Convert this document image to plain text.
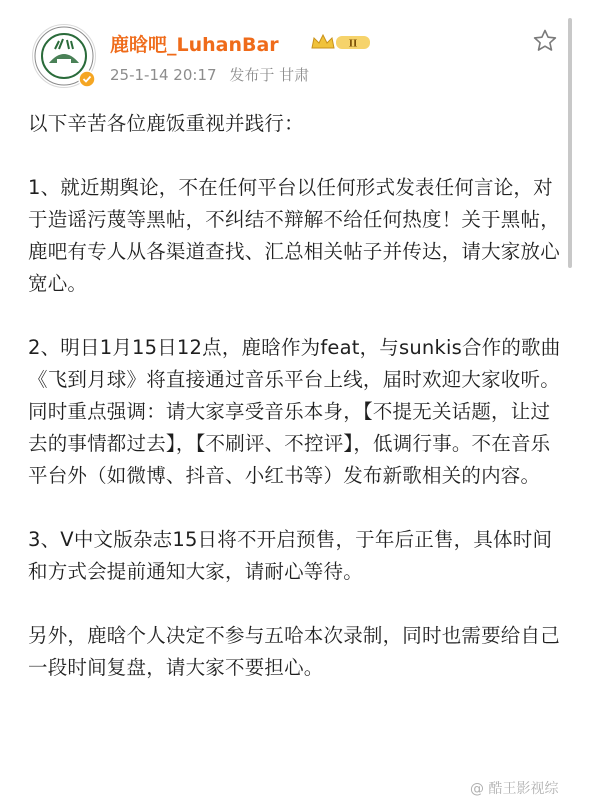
鹿晗吧_LuhanBar	II
25-1-14 20:17 发布于 甘肃

以下辛苦各位鹿饭重视并践行：

1、就近期舆论，不在任何平台以任何形式发表任何言论，对于造谣污蔑等黑帖，不纠结不辩解不给任何热度！关于黑帖，鹿吧有专人从各渠道查找、汇总相关帖子并传达，请大家放心宽心。

2、明日1月15日12点，鹿晗作为feat，与sunkis合作的歌曲《飞到月球》将直接通过音乐平台上线，届时欢迎大家收听。同时重点强调：请大家享受音乐本身，【不提无关话题，让过去的事情都过去】，【不刷评、不控评】，低调行事。不在音乐平台外（如微博、抖音、小红书等）发布新歌相关的内容。

3、V中文版杂志15日将不开启预售，于年后正售，具体时间和方式会提前通知大家，请耐心等待。

另外，鹿晗个人决定不参与五哈本次录制，同时也需要给自己一段时间复盘，请大家不要担心。

@ 酷王影视综
